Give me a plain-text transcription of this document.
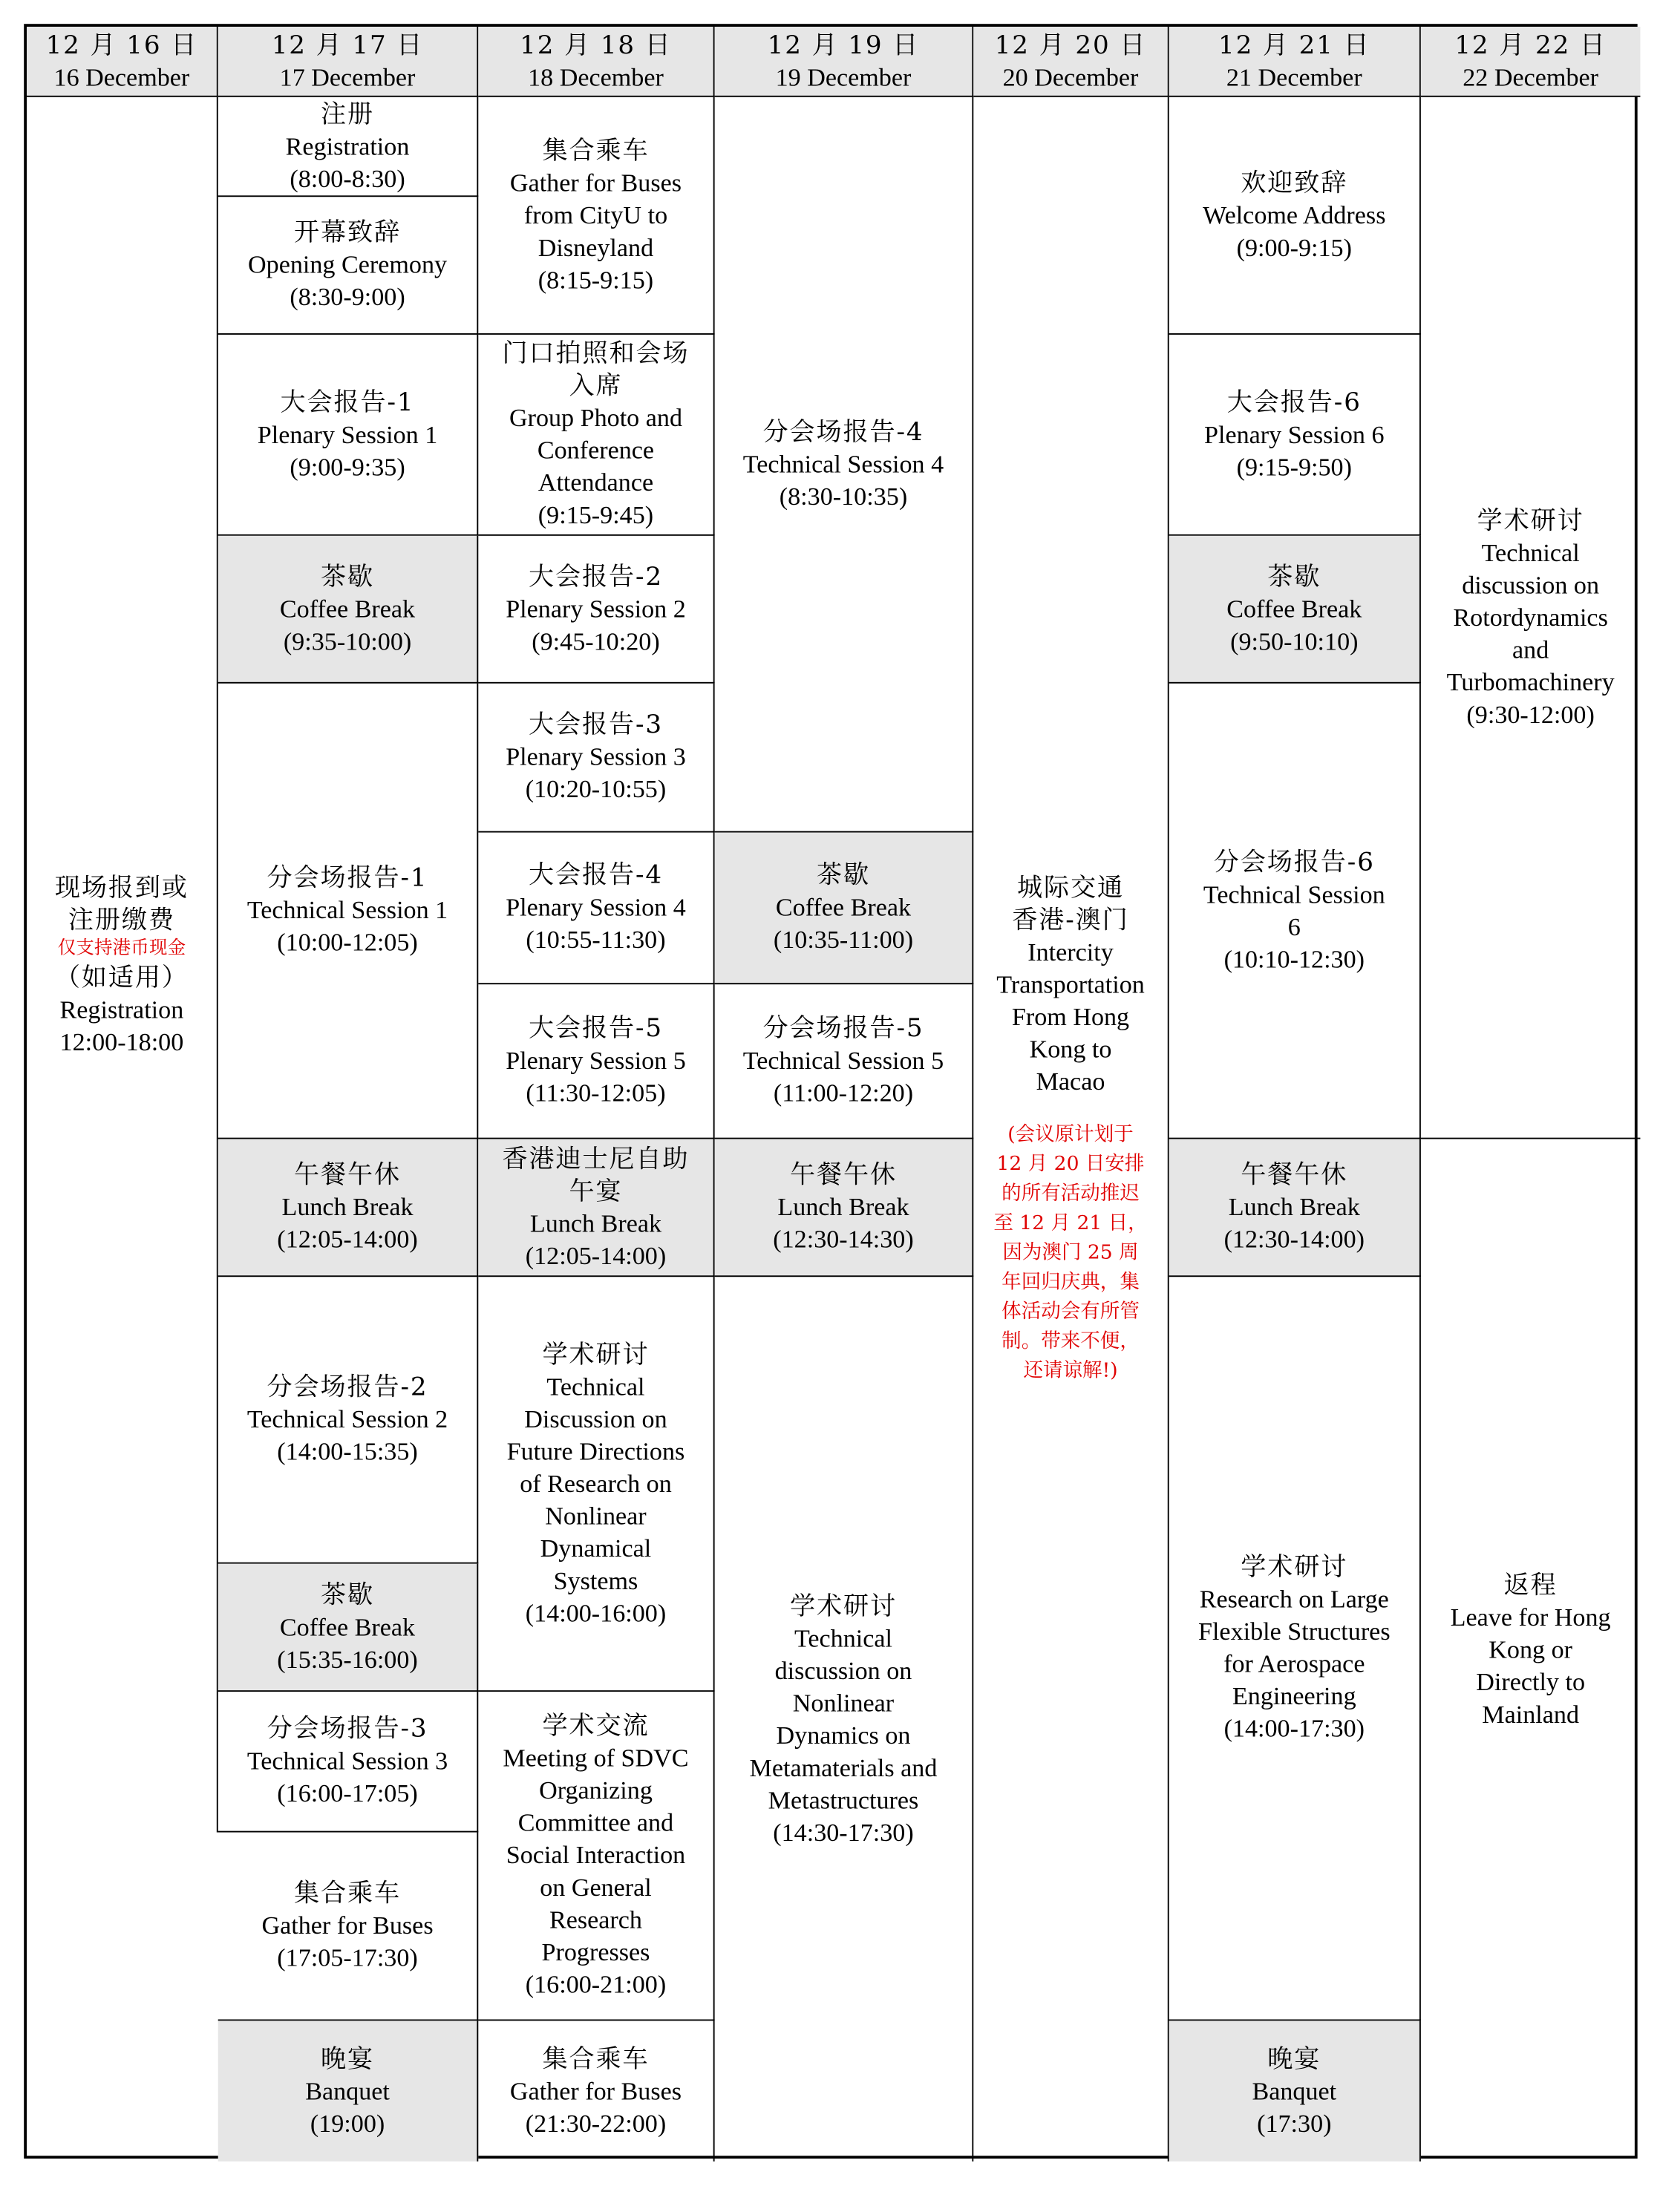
12 月 16 日
16 December
12 月 17 日
17 December
12 月 18 日
18 December
12 月 19 日
19 December
12 月 20 日
20 December
12 月 21 日
21 December
12 月 22 日
22 December
现场报到或
注册缴费
仅支持港币现金
（如适用）
Registration
12:00-18:00
注册
Registration
(8:00-8:30)
开幕致辞
Opening Ceremony
(8:30-9:00)
大会报告-1
Plenary Session 1
(9:00-9:35)
茶歇
Coffee Break
(9:35-10:00)
分会场报告-1
Technical Session 1
(10:00-12:05)
午餐午休
Lunch Break
(12:05-14:00)
分会场报告-2
Technical Session 2
(14:00-15:35)
茶歇
Coffee Break
(15:35-16:00)
分会场报告-3
Technical Session 3
(16:00-17:05)
集合乘车
Gather for Buses
(17:05-17:30)
晚宴
Banquet
(19:00)
集合乘车
Gather for Buses
from CityU to
Disneyland
(8:15-9:15)
门口拍照和会场
入席
Group Photo and
Conference
Attendance
(9:15-9:45)
大会报告-2
Plenary Session 2
(9:45-10:20)
大会报告-3
Plenary Session 3
(10:20-10:55)
大会报告-4
Plenary Session 4
(10:55-11:30)
大会报告-5
Plenary Session 5
(11:30-12:05)
香港迪士尼自助
午宴
Lunch Break
(12:05-14:00)
学术研讨
Technical
Discussion on
Future Directions
of Research on
Nonlinear
Dynamical
Systems
(14:00-16:00)
学术交流
Meeting of SDVC
Organizing
Committee and
Social Interaction
on General
Research
Progresses
(16:00-21:00)
集合乘车
Gather for Buses
(21:30-22:00)
分会场报告-4
Technical Session 4
(8:30-10:35)
茶歇
Coffee Break
(10:35-11:00)
分会场报告-5
Technical Session 5
(11:00-12:20)
午餐午休
Lunch Break
(12:30-14:30)
学术研讨
Technical
discussion on
Nonlinear
Dynamics on
Metamaterials and
Metastructures
(14:30-17:30)
城际交通
香港-澳门
Intercity
Transportation
From Hong
Kong to
Macao
(会议原计划于
12 月 20 日安排
的所有活动推迟
至 12 月 21 日，
因为澳门 25 周
年回归庆典，集
体活动会有所管
制。带来不便，
还请谅解!)
欢迎致辞
Welcome Address
(9:00-9:15)
大会报告-6
Plenary Session 6
(9:15-9:50)
茶歇
Coffee Break
(9:50-10:10)
分会场报告-6
Technical Session
6
(10:10-12:30)
午餐午休
Lunch Break
(12:30-14:00)
学术研讨
Research on Large
Flexible Structures
for Aerospace
Engineering
(14:00-17:30)
晚宴
Banquet
(17:30)
学术研讨
Technical
discussion on
Rotordynamics
and
Turbomachinery
(9:30-12:00)
返程
Leave for Hong
Kong or
Directly to
Mainland
